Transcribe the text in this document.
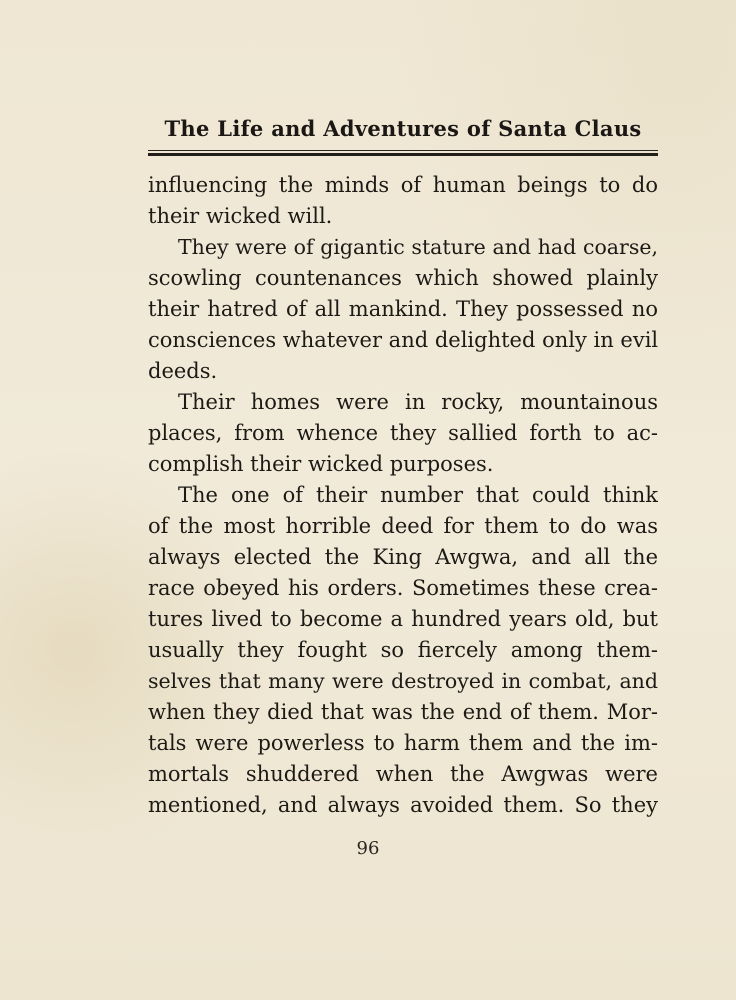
The Life and Adventures of Santa Claus
influencing the minds of human beings to do
their wicked will.
They were of gigantic stature and had coarse,
scowling countenances which showed plainly
their hatred of all mankind. They possessed no
consciences whatever and delighted only in evil
deeds.
Their homes were in rocky, mountainous
places, from whence they sallied forth to ac-
complish their wicked purposes.
The one of their number that could think
of the most horrible deed for them to do was
always elected the King Awgwa, and all the
race obeyed his orders. Sometimes these crea-
tures lived to become a hundred years old, but
usually they fought so fiercely among them-
selves that many were destroyed in combat, and
when they died that was the end of them. Mor-
tals were powerless to harm them and the im-
mortals shuddered when the Awgwas were
mentioned, and always avoided them. So they
96
